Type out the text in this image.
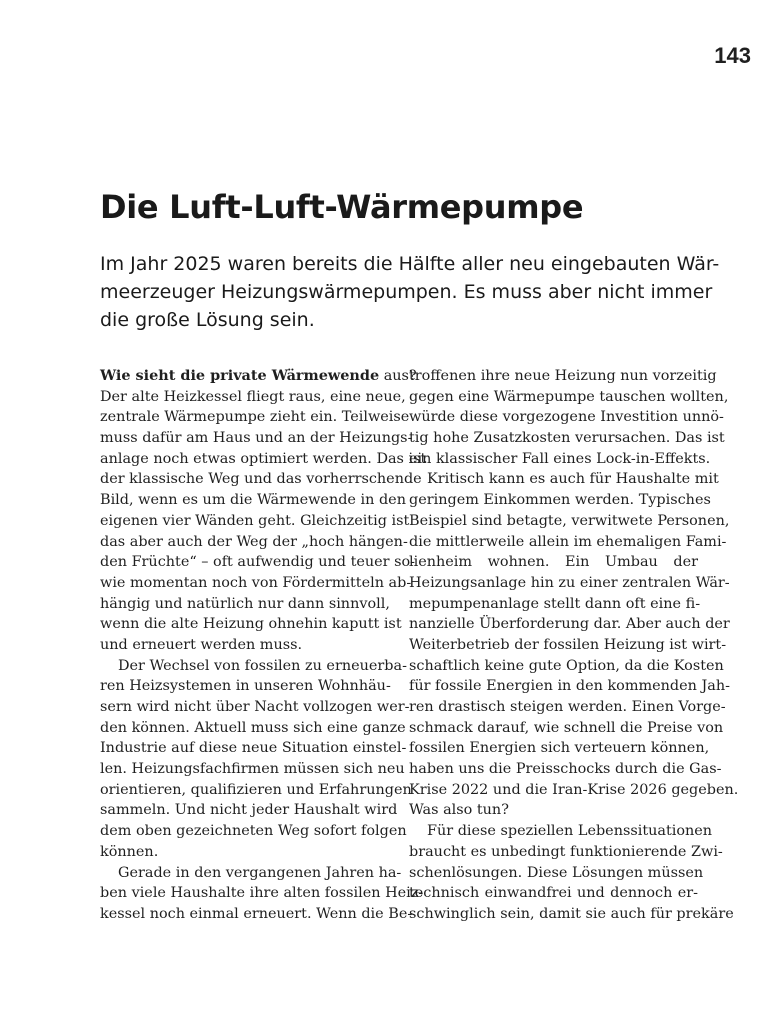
143
Die Luft-Luft-Wärmepumpe
Im Jahr 2025 waren bereits die Hälfte aller neu eingebauten Wär-
meerzeuger Heizungswärmepumpen. Es muss aber nicht immer
die große Lösung sein.
Wie sieht die private Wärmewende aus?
Der alte Heizkessel fliegt raus, eine neue,
zentrale Wärmepumpe zieht ein. Teilweise
muss dafür am Haus und an der Heizungs-
anlage noch etwas optimiert werden. Das ist
der klassische Weg und das vorherrschende
Bild, wenn es um die Wärmewende in den
eigenen vier Wänden geht. Gleichzeitig ist
das aber auch der Weg der „hoch hängen-
den Früchte“ – oft aufwendig und teuer so-
wie momentan noch von Fördermitteln ab-
hängig und natürlich nur dann sinnvoll,
wenn die alte Heizung ohnehin kaputt ist
und erneuert werden muss.
Der Wechsel von fossilen zu erneuerba-
ren Heizsystemen in unseren Wohnhäu-
sern wird nicht über Nacht vollzogen wer-
den können. Aktuell muss sich eine ganze
Industrie auf diese neue Situation einstel-
len. Heizungsfachfirmen müssen sich neu
orientieren, qualifizieren und Erfahrungen
sammeln. Und nicht jeder Haushalt wird
dem oben gezeichneten Weg sofort folgen
können.
Gerade in den vergangenen Jahren ha-
ben viele Haushalte ihre alten fossilen Heiz-
kessel noch einmal erneuert. Wenn die Be-
troffenen ihre neue Heizung nun vorzeitig
gegen eine Wärmepumpe tauschen wollten,
würde diese vorgezogene Investition unnö-
tig hohe Zusatzkosten verursachen. Das ist
ein klassischer Fall eines Lock-in-Effekts.
Kritisch kann es auch für Haushalte mit
geringem Einkommen werden. Typisches
Beispiel sind betagte, verwitwete Personen,
die mittlerweile allein im ehemaligen Fami-
lienheim wohnen. Ein Umbau der
Heizungsanlage hin zu einer zentralen Wär-
mepumpenanlage stellt dann oft eine fi-
nanzielle Überforderung dar. Aber auch der
Weiterbetrieb der fossilen Heizung ist wirt-
schaftlich keine gute Option, da die Kosten
für fossile Energien in den kommenden Jah-
ren drastisch steigen werden. Einen Vorge-
schmack darauf, wie schnell die Preise von
fossilen Energien sich verteuern können,
haben uns die Preisschocks durch die Gas-
Krise 2022 und die Iran-Krise 2026 gegeben.
Was also tun?
Für diese speziellen Lebenssituationen
braucht es unbedingt funktionierende Zwi-
schenlösungen. Diese Lösungen müssen
technisch einwandfrei und dennoch er-
schwinglich sein, damit sie auch für prekäre
